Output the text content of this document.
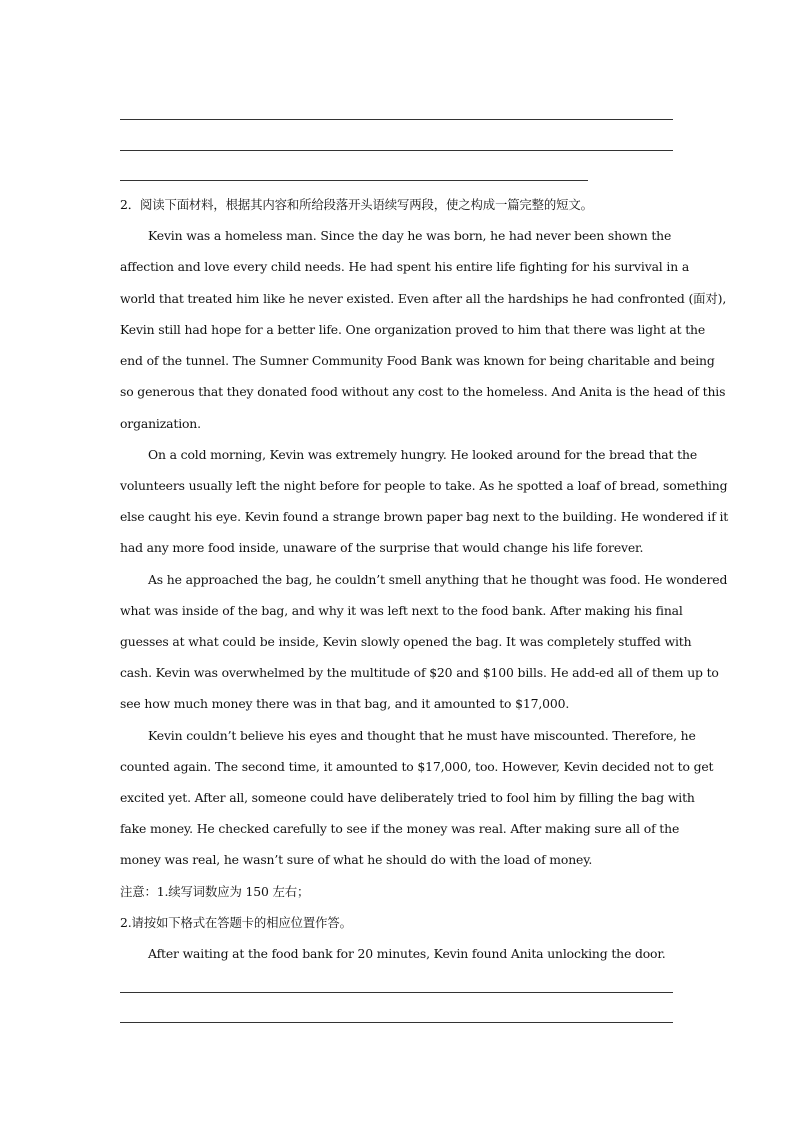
2．阅读下面材料，根据其内容和所给段落开头语续写两段，使之构成一篇完整的短文。
Kevin was a homeless man. Since the day he was born, he had never been shown the
affection and love every child needs. He had spent his entire life fighting for his survival in a
world that treated him like he never existed. Even after all the hardships he had confronted (面对),
Kevin still had hope for a better life. One organization proved to him that there was light at the
end of the tunnel. The Sumner Community Food Bank was known for being charitable and being
so generous that they donated food without any cost to the homeless. And Anita is the head of this
organization.
On a cold morning, Kevin was extremely hungry. He looked around for the bread that the
volunteers usually left the night before for people to take. As he spotted a loaf of bread, something
else caught his eye. Kevin found a strange brown paper bag next to the building. He wondered if it
had any more food inside, unaware of the surprise that would change his life forever.
As he approached the bag, he couldn’t smell anything that he thought was food. He wondered
what was inside of the bag, and why it was left next to the food bank. After making his final
guesses at what could be inside, Kevin slowly opened the bag. It was completely stuffed with
cash. Kevin was overwhelmed by the multitude of $20 and $100 bills. He add-ed all of them up to
see how much money there was in that bag, and it amounted to $17,000.
Kevin couldn’t believe his eyes and thought that he must have miscounted. Therefore, he
counted again. The second time, it amounted to $17,000, too. However, Kevin decided not to get
excited yet. After all, someone could have deliberately tried to fool him by filling the bag with
fake money. He checked carefully to see if the money was real. After making sure all of the
money was real, he wasn’t sure of what he should do with the load of money.
注意：1.续写词数应为 150 左右；
2.请按如下格式在答题卡的相应位置作答。
After waiting at the food bank for 20 minutes, Kevin found Anita unlocking the door.
